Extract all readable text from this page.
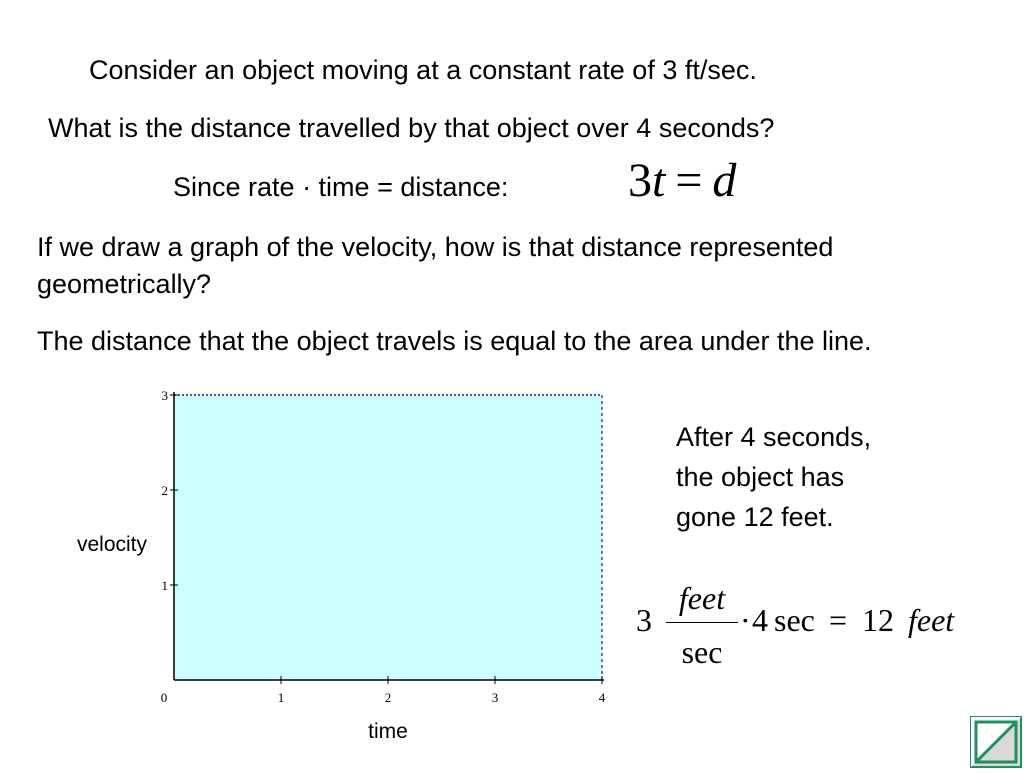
Consider an object moving at a constant rate of 3 ft/sec.
What is the distance travelled by that object over 4 seconds?
Since rate · time = distance: 3t = d
If we draw a graph of the velocity, how is that distance represented
geometrically?
The distance that the object travels is equal to the area under the line.
0	1	2	3	4
1
2
3
time
velocity
After 4 seconds,
the object has
gone 12 feet.
3
feet
sec
· 4 sec = 12 feet
